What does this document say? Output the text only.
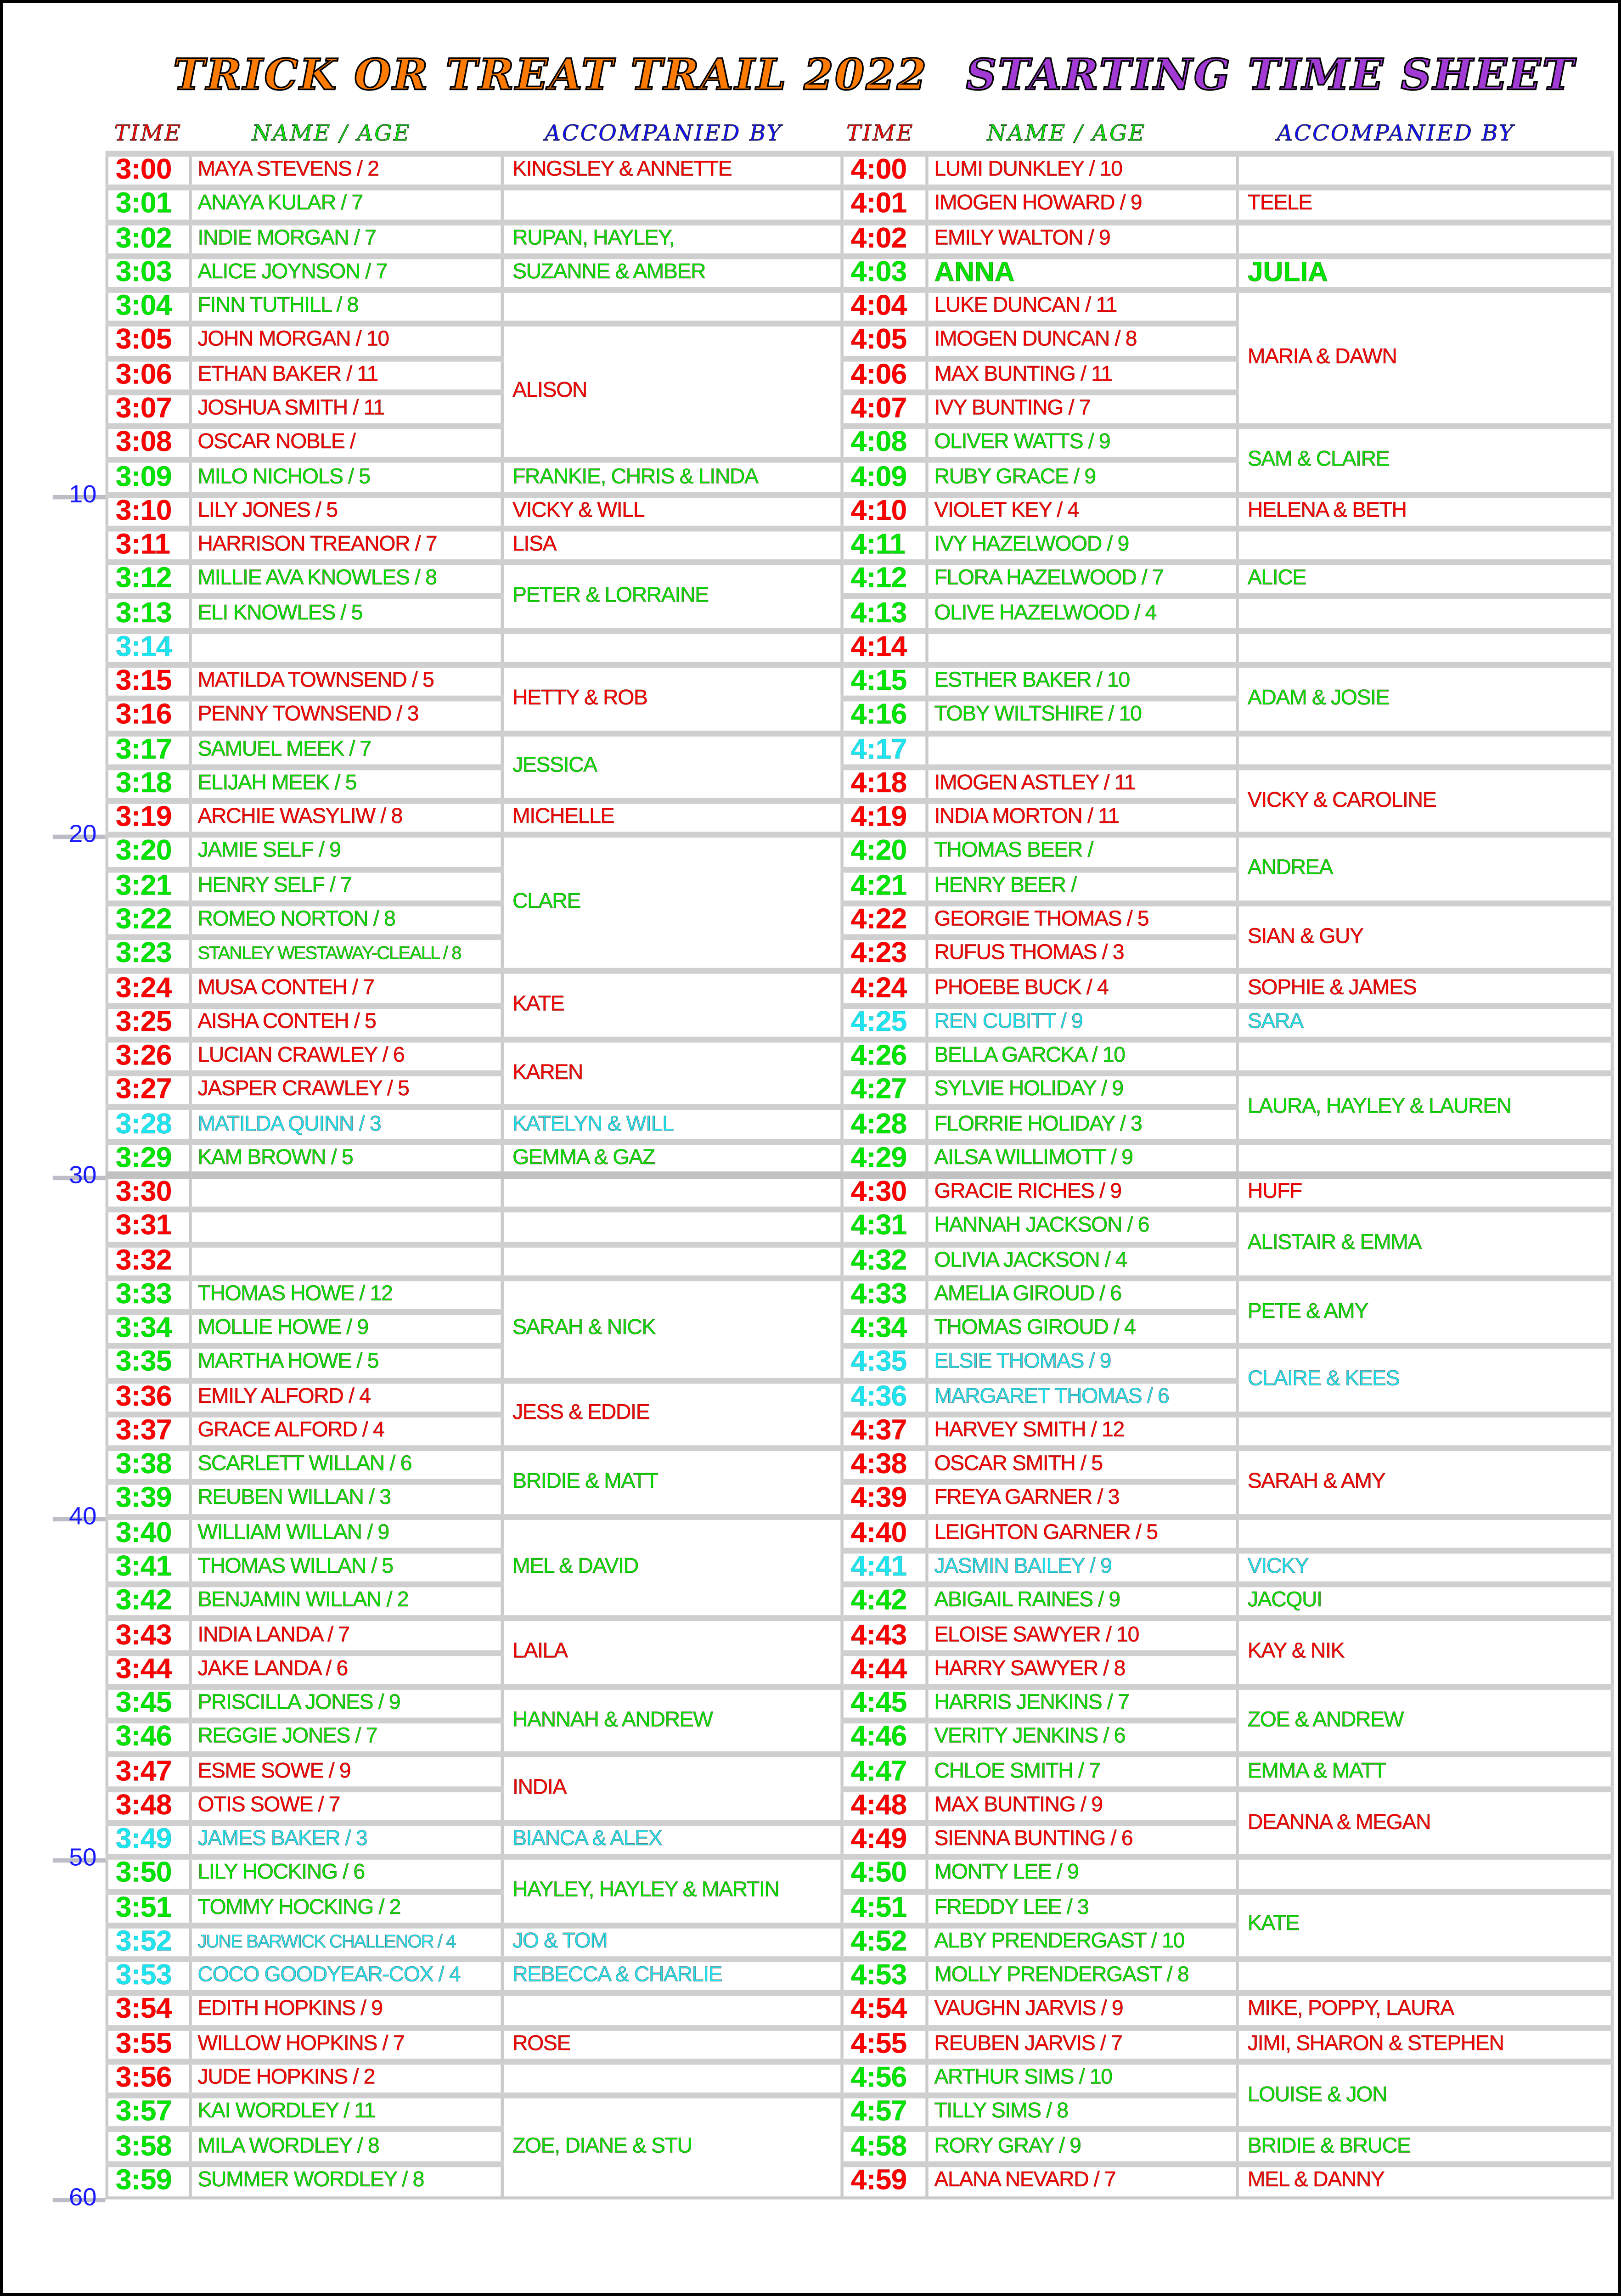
TRICK OR TREAT TRAIL 2022	STARTING TIME SHEET
TIME	NAME / AGE	ACCOMPANIED BY	TIME	NAME / AGE	ACCOMPANIED BY
10
20
30
40
50
60
3:00	MAYA STEVENS / 2	KINGSLEY & ANNETTE	4:00	LUMI DUNKLEY / 10	
3:01	ANAYA KULAR / 7		4:01	IMOGEN HOWARD / 9	TEELE
3:02	INDIE MORGAN / 7	RUPAN, HAYLEY,	4:02	EMILY WALTON / 9	
3:03	ALICE JOYNSON / 7	SUZANNE & AMBER	4:03	ANNA	JULIA
3:04	FINN TUTHILL / 8		4:04	LUKE DUNCAN / 11	MARIA & DAWN
3:05	JOHN MORGAN / 10	ALISON	4:05	IMOGEN DUNCAN / 8	
3:06	ETHAN BAKER / 11		4:06	MAX BUNTING / 11	
3:07	JOSHUA SMITH / 11		4:07	IVY BUNTING / 7	
3:08	OSCAR NOBLE /		4:08	OLIVER WATTS / 9	SAM & CLAIRE
3:09	MILO NICHOLS / 5	FRANKIE, CHRIS & LINDA	4:09	RUBY GRACE / 9	
3:10	LILY JONES / 5	VICKY & WILL	4:10	VIOLET KEY / 4	HELENA & BETH
3:11	HARRISON TREANOR / 7	LISA	4:11	IVY HAZELWOOD / 9	
3:12	MILLIE AVA KNOWLES / 8	PETER & LORRAINE	4:12	FLORA HAZELWOOD / 7	ALICE
3:13	ELI KNOWLES / 5		4:13	OLIVE HAZELWOOD / 4	
3:14			4:14		
3:15	MATILDA TOWNSEND / 5	HETTY & ROB	4:15	ESTHER BAKER / 10	ADAM & JOSIE
3:16	PENNY TOWNSEND / 3		4:16	TOBY WILTSHIRE / 10	
3:17	SAMUEL MEEK / 7	JESSICA	4:17		
3:18	ELIJAH MEEK / 5		4:18	IMOGEN ASTLEY / 11	VICKY & CAROLINE
3:19	ARCHIE WASYLIW / 8	MICHELLE	4:19	INDIA MORTON / 11	
3:20	JAMIE SELF / 9	CLARE	4:20	THOMAS BEER /	ANDREA
3:21	HENRY SELF / 7		4:21	HENRY BEER /	
3:22	ROMEO NORTON / 8		4:22	GEORGIE THOMAS / 5	SIAN & GUY
3:23	STANLEY WESTAWAY-CLEALL / 8		4:23	RUFUS THOMAS / 3	
3:24	MUSA CONTEH / 7	KATE	4:24	PHOEBE BUCK / 4	SOPHIE & JAMES
3:25	AISHA CONTEH / 5		4:25	REN CUBITT / 9	SARA
3:26	LUCIAN CRAWLEY / 6	KAREN	4:26	BELLA GARCKA / 10	
3:27	JASPER CRAWLEY / 5		4:27	SYLVIE HOLIDAY / 9	LAURA, HAYLEY & LAUREN
3:28	MATILDA QUINN / 3	KATELYN & WILL	4:28	FLORRIE HOLIDAY / 3	
3:29	KAM BROWN / 5	GEMMA & GAZ	4:29	AILSA WILLIMOTT / 9	
3:30			4:30	GRACIE RICHES / 9	HUFF
3:31			4:31	HANNAH JACKSON / 6	ALISTAIR & EMMA
3:32			4:32	OLIVIA JACKSON / 4	
3:33	THOMAS HOWE / 12	SARAH & NICK	4:33	AMELIA GIROUD / 6	PETE & AMY
3:34	MOLLIE HOWE / 9		4:34	THOMAS GIROUD / 4	
3:35	MARTHA HOWE / 5		4:35	ELSIE THOMAS / 9	CLAIRE & KEES
3:36	EMILY ALFORD / 4	JESS & EDDIE	4:36	MARGARET THOMAS / 6	
3:37	GRACE ALFORD / 4		4:37	HARVEY SMITH / 12	
3:38	SCARLETT WILLAN / 6	BRIDIE & MATT	4:38	OSCAR SMITH / 5	SARAH & AMY
3:39	REUBEN WILLAN / 3		4:39	FREYA GARNER / 3	
3:40	WILLIAM WILLAN / 9	MEL & DAVID	4:40	LEIGHTON GARNER / 5	
3:41	THOMAS WILLAN / 5		4:41	JASMIN BAILEY / 9	VICKY
3:42	BENJAMIN WILLAN / 2		4:42	ABIGAIL RAINES / 9	JACQUI
3:43	INDIA LANDA / 7	LAILA	4:43	ELOISE SAWYER / 10	KAY & NIK
3:44	JAKE LANDA / 6		4:44	HARRY SAWYER / 8	
3:45	PRISCILLA JONES / 9	HANNAH & ANDREW	4:45	HARRIS JENKINS / 7	ZOE & ANDREW
3:46	REGGIE JONES / 7		4:46	VERITY JENKINS / 6	
3:47	ESME SOWE / 9	INDIA	4:47	CHLOE SMITH / 7	EMMA & MATT
3:48	OTIS SOWE / 7		4:48	MAX BUNTING / 9	DEANNA & MEGAN
3:49	JAMES BAKER / 3	BIANCA & ALEX	4:49	SIENNA BUNTING / 6	
3:50	LILY HOCKING / 6	HAYLEY, HAYLEY & MARTIN	4:50	MONTY LEE / 9	
3:51	TOMMY HOCKING / 2		4:51	FREDDY LEE / 3	KATE
3:52	JUNE BARWICK CHALLENOR / 4	JO & TOM	4:52	ALBY PRENDERGAST / 10	
3:53	COCO GOODYEAR-COX / 4	REBECCA & CHARLIE	4:53	MOLLY PRENDERGAST / 8	
3:54	EDITH HOPKINS / 9		4:54	VAUGHN JARVIS / 9	MIKE, POPPY, LAURA
3:55	WILLOW HOPKINS / 7	ROSE	4:55	REUBEN JARVIS / 7	JIMI, SHARON & STEPHEN
3:56	JUDE HOPKINS / 2		4:56	ARTHUR SIMS / 10	LOUISE & JON
3:57	KAI WORDLEY / 11	ZOE, DIANE & STU	4:57	TILLY SIMS / 8	
3:58	MILA WORDLEY / 8		4:58	RORY GRAY / 9	BRIDIE & BRUCE
3:59	SUMMER WORDLEY / 8		4:59	ALANA NEVARD / 7	MEL & DANNY
